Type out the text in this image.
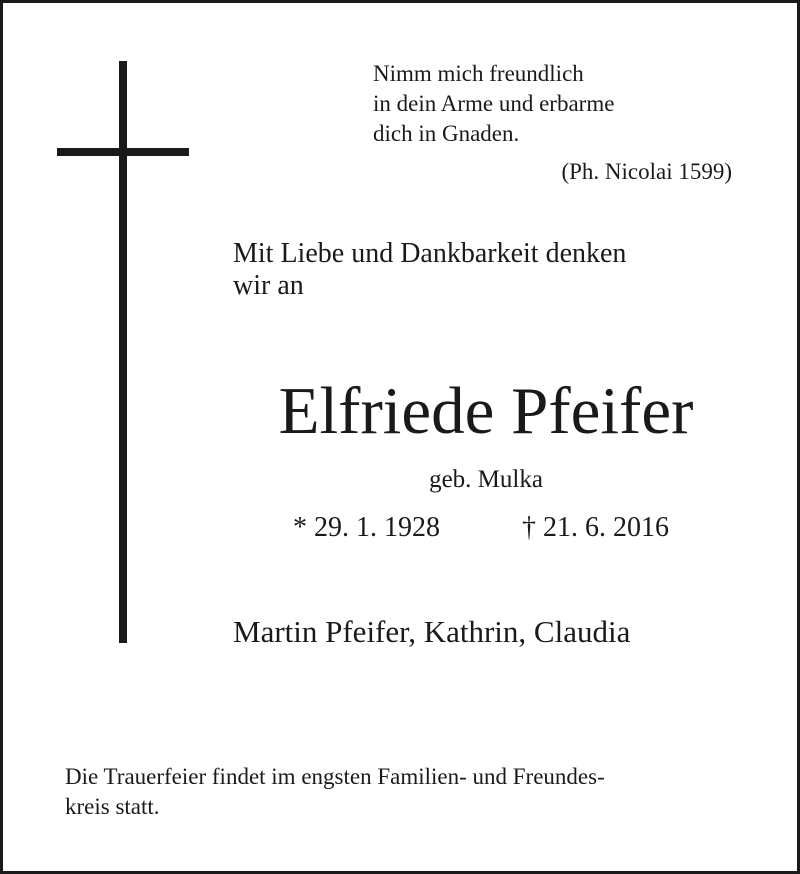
Nimm mich freundlich
in dein Arme und erbarme
dich in Gnaden.
(Ph. Nicolai 1599)
Mit Liebe und Dankbarkeit denken
wir an
Elfriede Pfeifer
geb. Mulka
* 29. 1. 1928	† 21. 6. 2016
Martin Pfeifer, Kathrin, Claudia
Die Trauerfeier findet im engsten Familien- und Freundes-
kreis statt.
